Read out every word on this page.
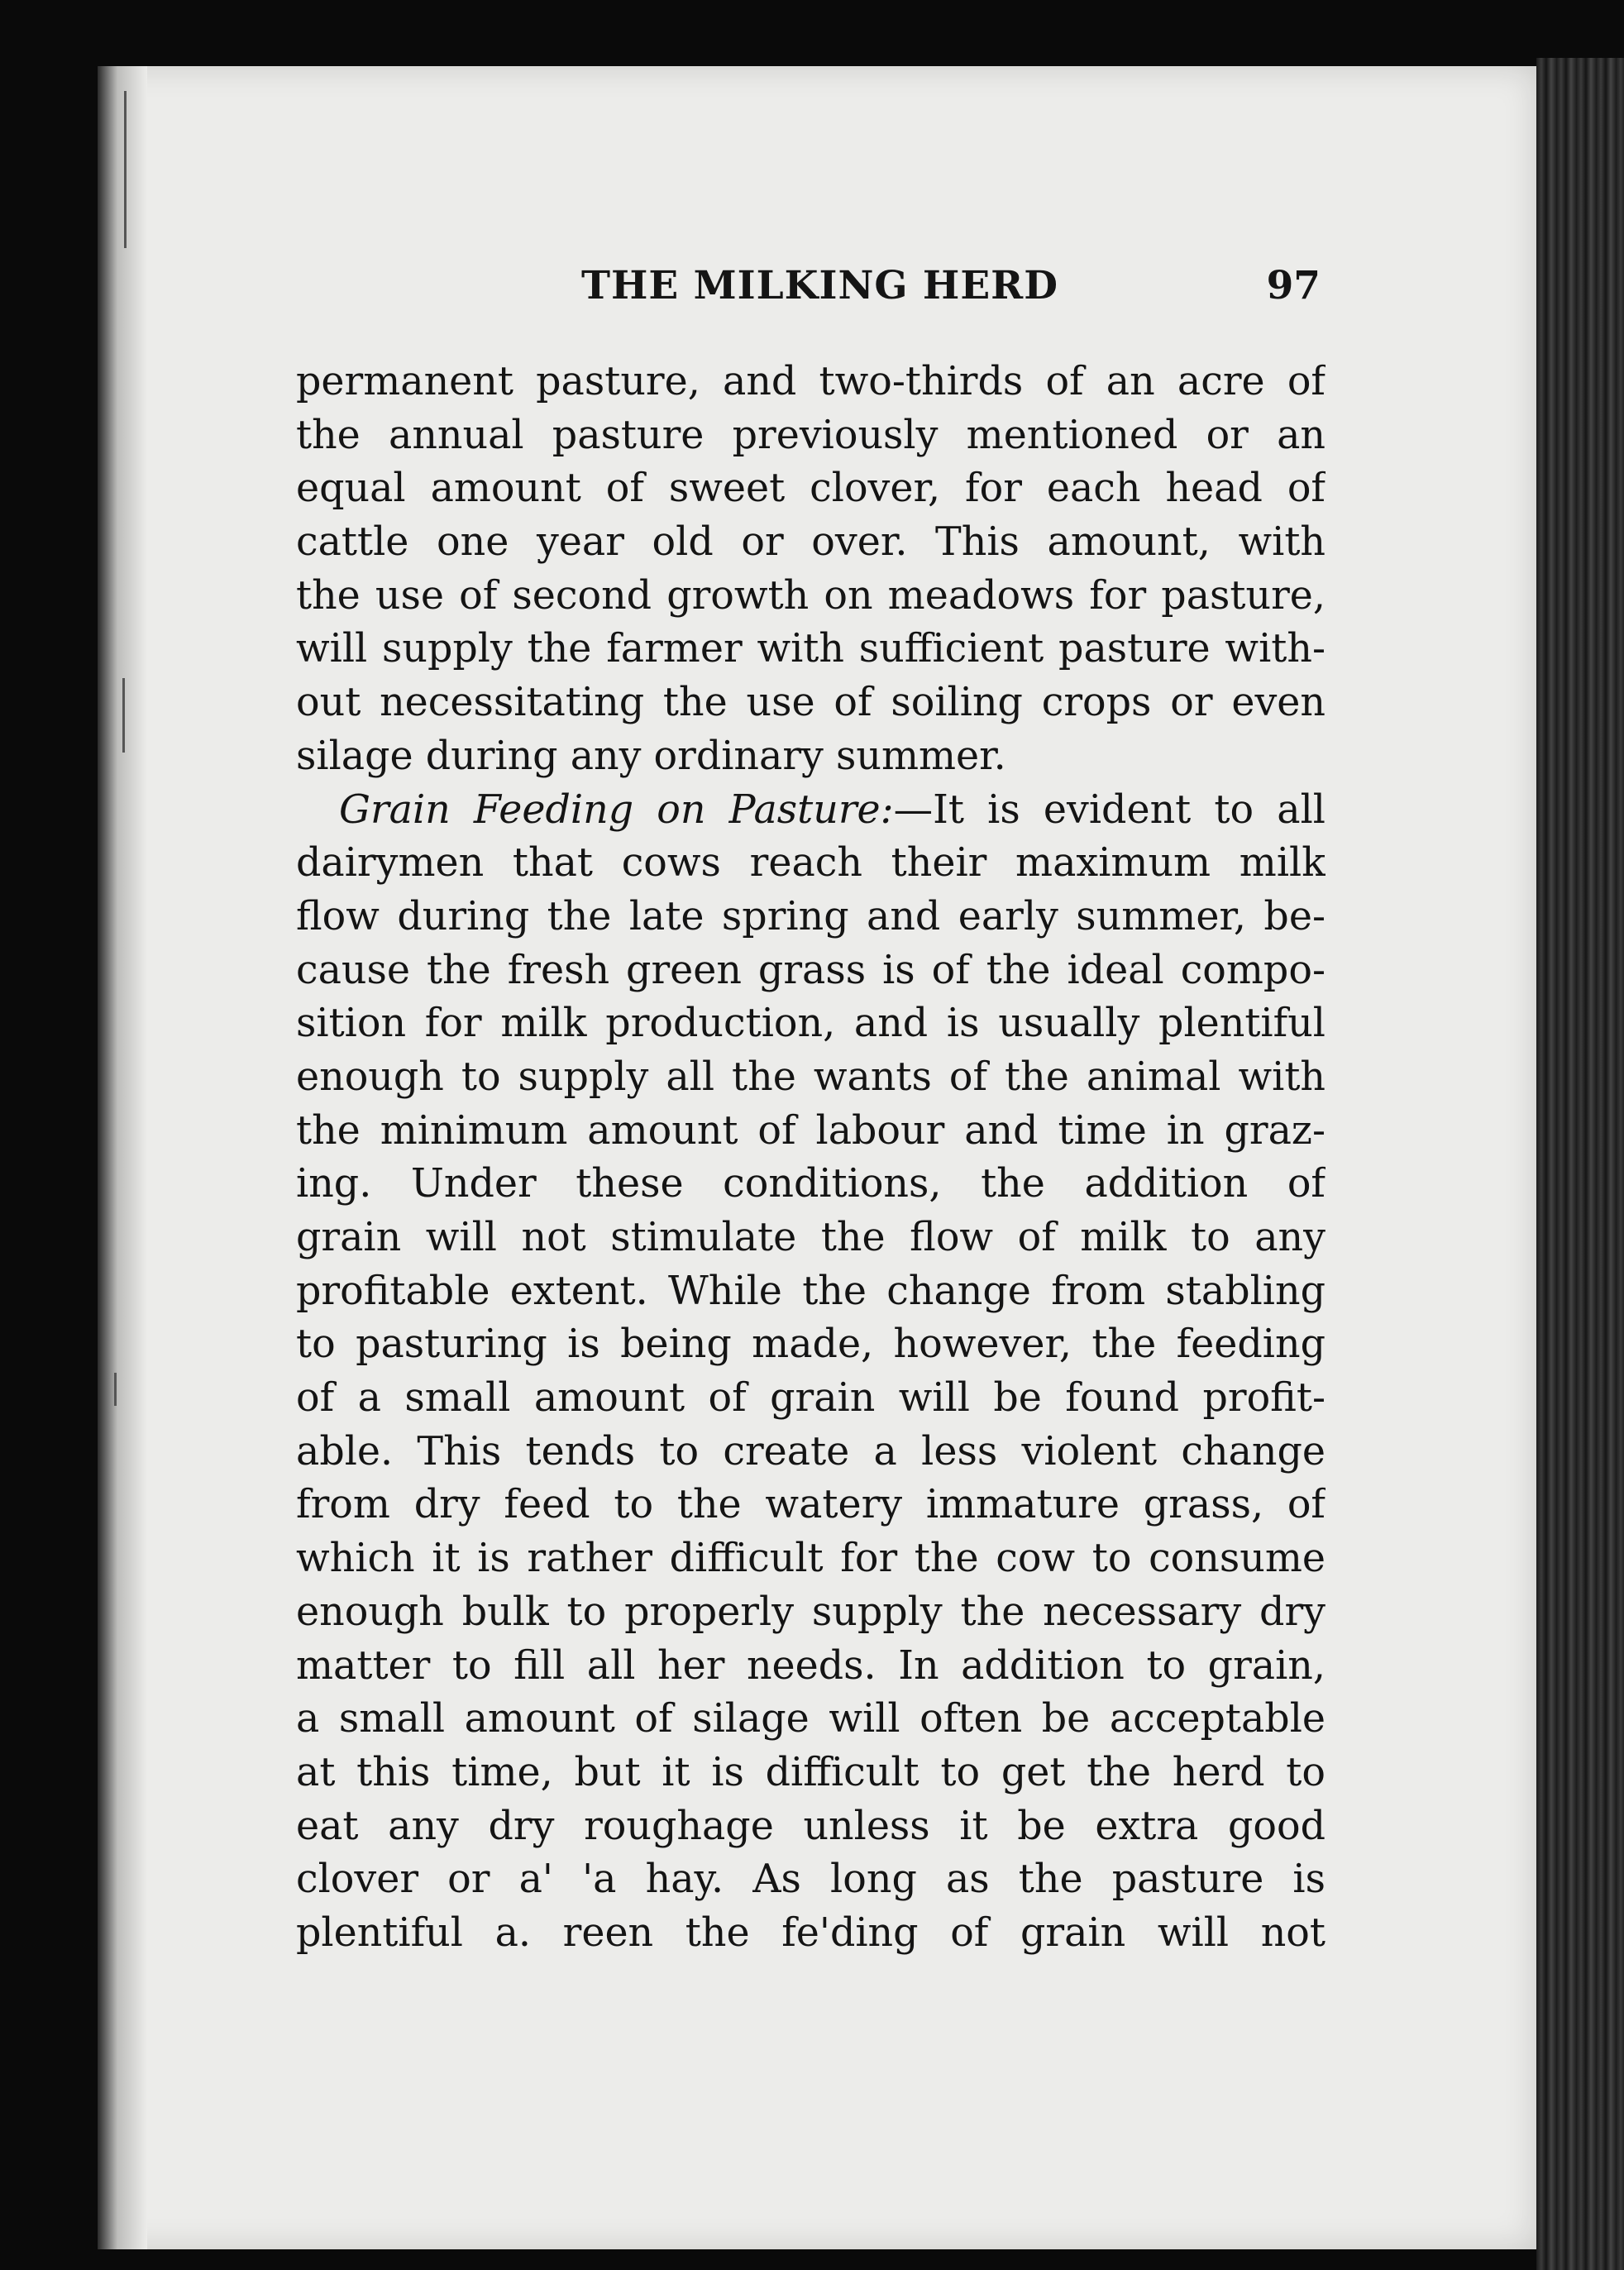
THE MILKING HERD	97
permanent pasture, and two-thirds of an acre of
the annual pasture previously mentioned or an
equal amount of sweet clover, for each head of
cattle one year old or over. This amount, with
the use of second growth on meadows for pasture,
will supply the farmer with sufficient pasture with-
out necessitating the use of soiling crops or even
silage during any ordinary summer.
Grain Feeding on Pasture:—It is evident to all
dairymen that cows reach their maximum milk
flow during the late spring and early summer, be-
cause the fresh green grass is of the ideal compo-
sition for milk production, and is usually plentiful
enough to supply all the wants of the animal with
the minimum amount of labour and time in graz-
ing. Under these conditions, the addition of
grain will not stimulate the flow of milk to any
profitable extent. While the change from stabling
to pasturing is being made, however, the feeding
of a small amount of grain will be found profit-
able. This tends to create a less violent change
from dry feed to the watery immature grass, of
which it is rather difficult for the cow to consume
enough bulk to properly supply the necessary dry
matter to fill all her needs. In addition to grain,
a small amount of silage will often be acceptable
at this time, but it is difficult to get the herd to
eat any dry roughage unless it be extra good
clover or a' 'a hay. As long as the pasture is
plentiful a. reen the fe'ding of grain will not
